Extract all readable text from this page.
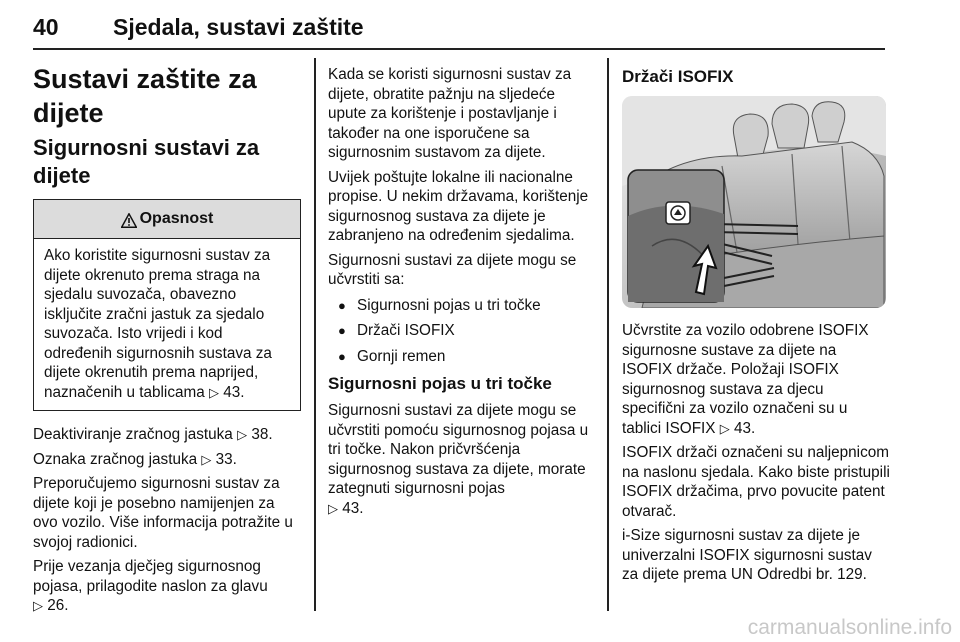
40 Sjedala, sustavi zaštite
Sustavi zaštite za dijete
Sigurnosni sustavi za dijete
Opasnost
Ako koristite sigurnosni sustav za dijete okrenuto prema straga na sjedalu suvozača, obavezno isključite zračni jastuk za sjedalo suvozača. Isto vrijedi i kod određenih sigurnosnih sustava za dijete okrenutih prema naprijed, naznačenih u tablicama ▷ 43.

Deaktiviranje zračnog jastuka ▷ 38.

Oznaka zračnog jastuka ▷ 33.

Preporučujemo sigurnosni sustav za dijete koji je posebno namijenjen za ovo vozilo. Više informacija potražite u svojoj radionici.

Prije vezanja dječjeg sigurnosnog pojasa, prilagodite naslon za glavu
▷ 26.

Kada se koristi sigurnosni sustav za dijete, obratite pažnju na sljedeće upute za korištenje i postavljanje i također na one isporučene sa sigurnosnim sustavom za dijete.

Uvijek poštujte lokalne ili nacionalne propise. U nekim državama, korištenje sigurnosnog sustava za dijete je zabranjeno na određenim sjedalima.

Sigurnosni sustavi za dijete mogu se učvrstiti sa:

● Sigurnosni pojas u tri točke
● Držači ISOFIX
● Gornji remen
Sigurnosni pojas u tri točke

Sigurnosni sustavi za dijete mogu se učvrstiti pomoću sigurnosnog pojasa u tri točke. Nakon pričvršćenja sigurnosnog sustava za dijete, morate zategnuti sigurnosni pojas
▷ 43.

Držači ISOFIX

Učvrstite za vozilo odobrene ISOFIX sigurnosne sustave za dijete na ISOFIX držače. Položaji ISOFIX sigurnosnog sustava za djecu specifični za vozilo označeni su u tablici ISOFIX ▷ 43.

ISOFIX držači označeni su naljepnicom na naslonu sjedala. Kako biste pristupili ISOFIX držačima, prvo povucite patent otvarač.

i-Size sigurnosni sustav za dijete je univerzalni ISOFIX sigurnosni sustav za dijete prema UN Odredbi br. 129.

carmanualsonline.info
